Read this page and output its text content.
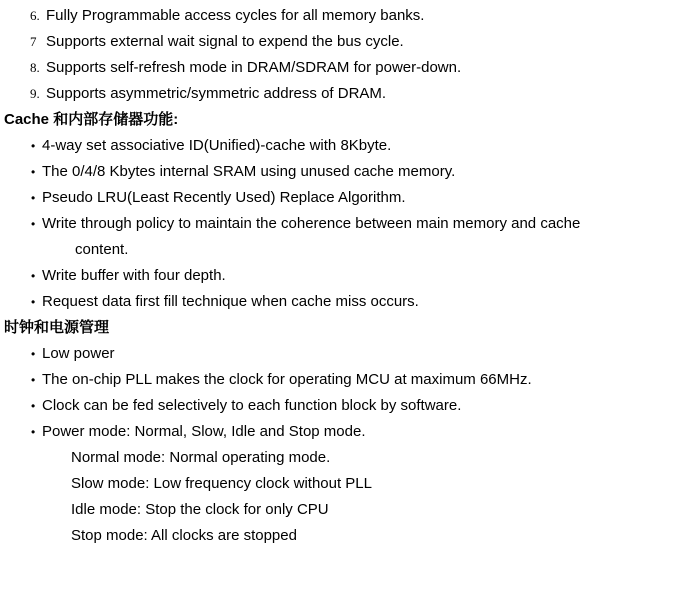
6. Fully Programmable access cycles for all memory banks.
7 Supports external wait signal to expend the bus cycle.
8. Supports self-refresh mode in DRAM/SDRAM for power-down.
9. Supports asymmetric/symmetric address of DRAM.
Cache 和内部存储器功能:
• 4-way set associative ID(Unified)-cache with 8Kbyte.
• The 0/4/8 Kbytes internal SRAM using unused cache memory.
• Pseudo LRU(Least Recently Used) Replace Algorithm.
• Write through policy to maintain the coherence between main memory and cache
content.
• Write buffer with four depth.
• Request data first fill technique when cache miss occurs.
时钟和电源管理
• Low power
• The on-chip PLL makes the clock for operating MCU at maximum 66MHz.
• Clock can be fed selectively to each function block by software.
• Power mode: Normal, Slow, Idle and Stop mode.
Normal mode: Normal operating mode.
Slow mode: Low frequency clock without PLL
Idle mode: Stop the clock for only CPU
Stop mode: All clocks are stopped
